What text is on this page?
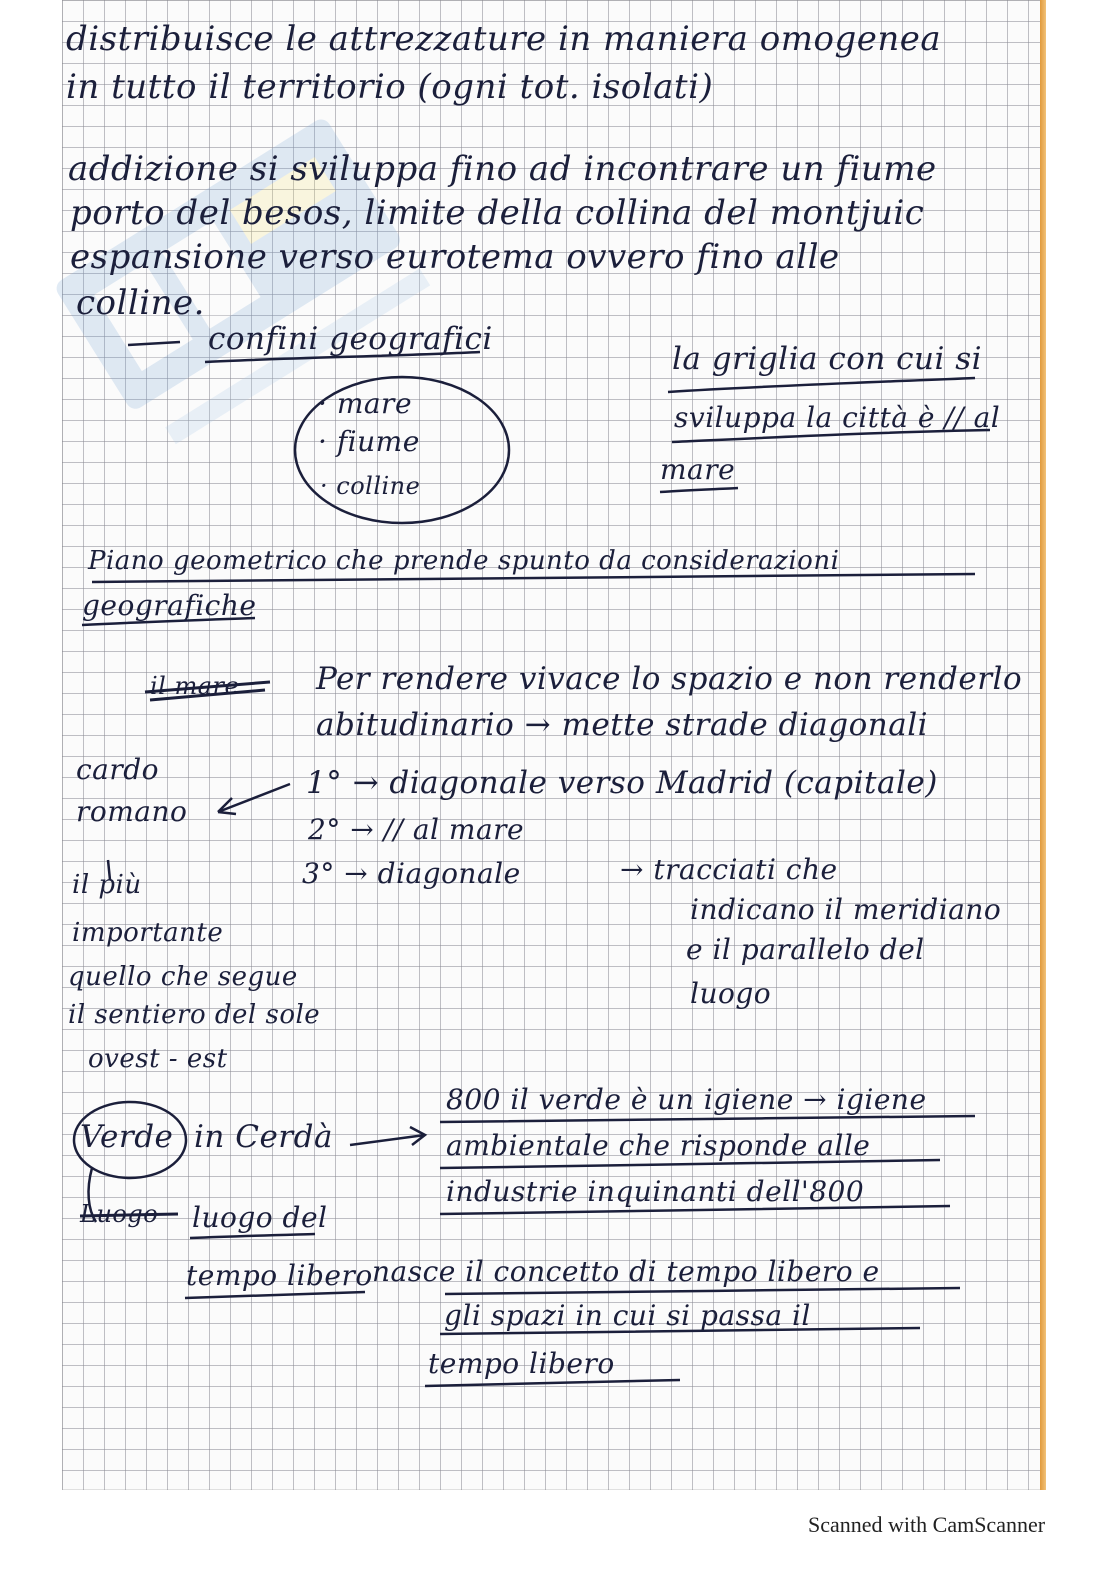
distribuisce le attrezzature in maniera omogenea
in tutto il territorio (ogni tot. isolati)
addizione si sviluppa fino ad incontrare un fiume
porto del besos, limite della collina del montjuic
espansione verso eurotema ovvero fino alle
colline.
confini geografici
· mare
· fiume
· colline
la griglia con cui si
sviluppa la città è // al
mare
Piano geometrico che prende spunto da considerazioni
geografiche
il mare Per rendere vivace lo spazio e non renderlo
abitudinario → mette strade diagonali
cardo
romano
1° → diagonale verso Madrid (capitale)
2° → // al mare
3° → diagonale	→ tracciati che
indicano il meridiano
e il parallelo del
luogo
il più
importante
quello che segue
il sentiero del sole
ovest - est
Verde in Cerdà
800 il verde è un igiene → igiene
ambientale che risponde alle
industrie inquinanti dell'800
Luogo luogo del
tempo libero nasce il concetto di tempo libero e
gli spazi in cui si passa il
tempo libero
Scanned with CamScanner
